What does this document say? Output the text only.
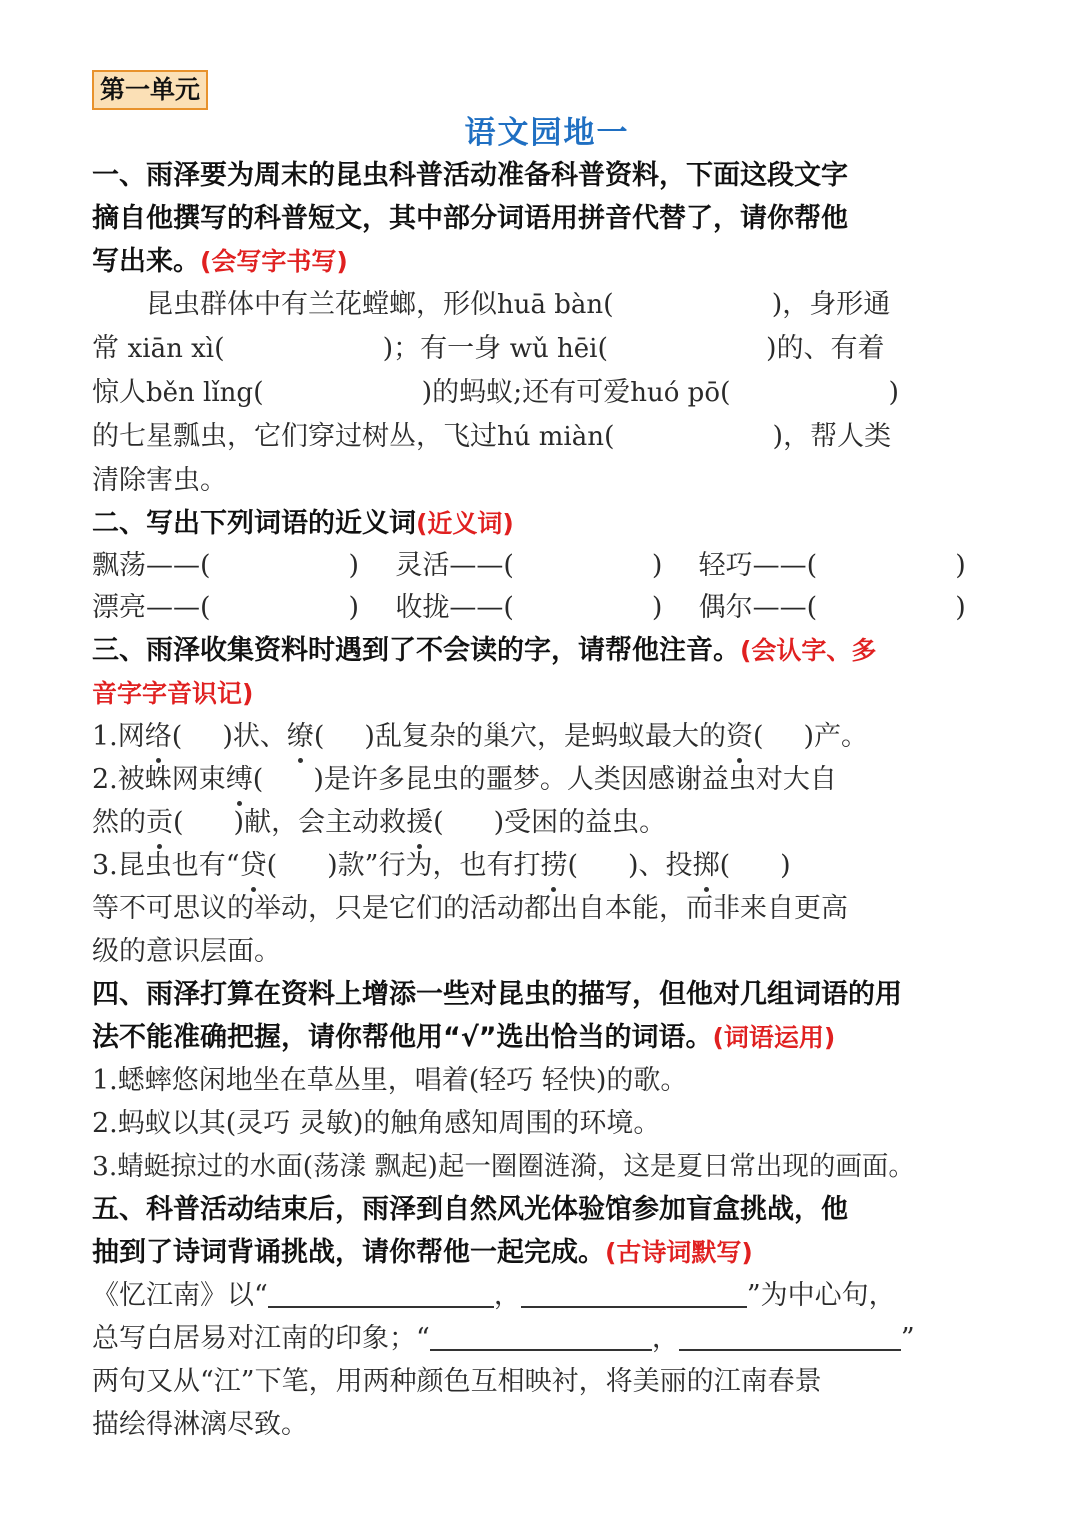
第一单元
语文园地一
一、雨泽要为周末的昆虫科普活动准备科普资料，下面这段文字
摘自他撰写的科普短文，其中部分词语用拼音代替了，请你帮他
写出来。(会写字书写)
昆虫群体中有兰花螳螂，形似huā bàn(	)，身形通
常 xiān xì(	)；有一身 wǔ hēi(	)的、有着
惊人běn lǐng(	)的蚂蚁;还有可爱huó pō(	)
的七星瓢虫，它们穿过树丛，飞过hú miàn(	)，帮人类
清除害虫。
二、写出下列词语的近义词(近义词)
飘荡——(	)	灵活——(	)	轻巧——(	)
漂亮——(	)	收拢——(	)	偶尔——(	)
三、雨泽收集资料时遇到了不会读的字，请帮他注音。(会认字、多
音字字音识记)
1.网络( )状、缭( )乱复杂的巢穴，是蚂蚁最大的资( )产。
2.被蛛网束缚( )是许多昆虫的噩梦。人类因感谢益虫对大自
然的贡( )献，会主动救援( )受困的益虫。
3.昆虫也有“贷( )款”行为，也有打捞( )、投掷( )
等不可思议的举动，只是它们的活动都出自本能，而非来自更高
级的意识层面。
四、雨泽打算在资料上增添一些对昆虫的描写，但他对几组词语的用
法不能准确把握，请你帮他用“√”选出恰当的词语。(词语运用)
1.蟋蟀悠闲地坐在草丛里，唱着(轻巧 轻快)的歌。
2.蚂蚁以其(灵巧 灵敏)的触角感知周围的环境。
3.蜻蜓掠过的水面(荡漾 飘起)起一圈圈涟漪，这是夏日常出现的画面。
五、科普活动结束后，雨泽到自然风光体验馆参加盲盒挑战，他
抽到了诗词背诵挑战，请你帮他一起完成。(古诗词默写)
《忆江南》以“	，	”为中心句，
总写白居易对江南的印象；“	，	”
两句又从“江”下笔，用两种颜色互相映衬，将美丽的江南春景
描绘得淋漓尽致。
